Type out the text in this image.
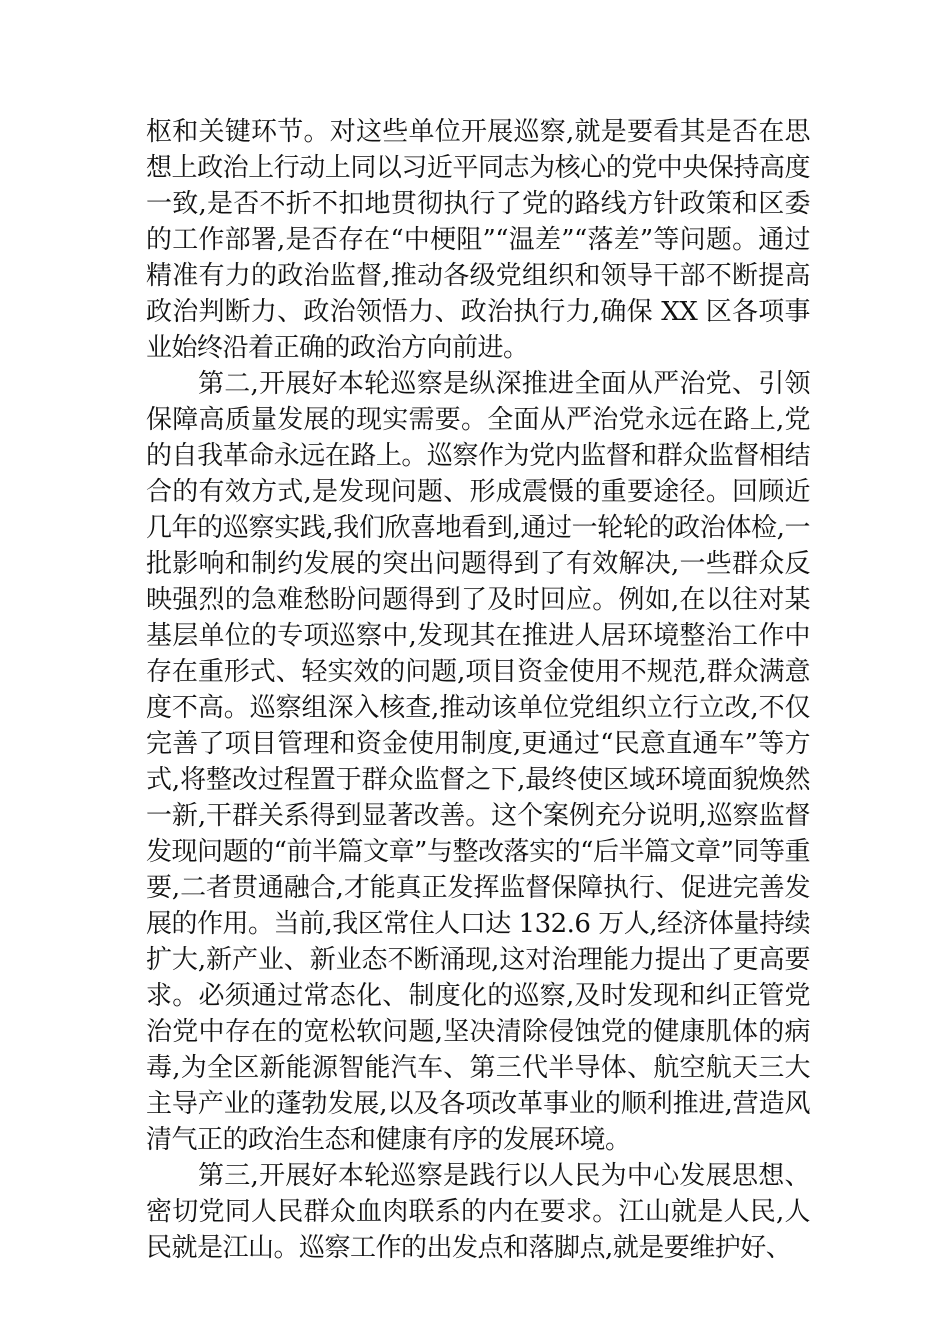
枢和关键环节。对这些单位开展巡察,就是要看其是否在思想上政治上行动上同以习近平同志为核心的党中央保持高度一致,是否不折不扣地贯彻执行了党的路线方针政策和区委的工作部署,是否存在“中梗阻”“温差”“落差”等问题。通过精准有力的政治监督,推动各级党组织和领导干部不断提高政治判断力、政治领悟力、政治执行力,确保 XX 区各项事业始终沿着正确的政治方向前进。

第二,开展好本轮巡察是纵深推进全面从严治党、引领保障高质量发展的现实需要。全面从严治党永远在路上,党的自我革命永远在路上。巡察作为党内监督和群众监督相结合的有效方式,是发现问题、形成震慑的重要途径。回顾近几年的巡察实践,我们欣喜地看到,通过一轮轮的政治体检,一批影响和制约发展的突出问题得到了有效解决,一些群众反映强烈的急难愁盼问题得到了及时回应。例如,在以往对某基层单位的专项巡察中,发现其在推进人居环境整治工作中存在重形式、轻实效的问题,项目资金使用不规范,群众满意度不高。巡察组深入核查,推动该单位党组织立行立改,不仅完善了项目管理和资金使用制度,更通过“民意直通车”等方式,将整改过程置于群众监督之下,最终使区域环境面貌焕然一新,干群关系得到显著改善。这个案例充分说明,巡察监督发现问题的“前半篇文章”与整改落实的“后半篇文章”同等重要,二者贯通融合,才能真正发挥监督保障执行、促进完善发展的作用。当前,我区常住人口达 132.6 万人,经济体量持续扩大,新产业、新业态不断涌现,这对治理能力提出了更高要求。必须通过常态化、制度化的巡察,及时发现和纠正管党治党中存在的宽松软问题,坚决清除侵蚀党的健康肌体的病毒,为全区新能源智能汽车、第三代半导体、航空航天三大主导产业的蓬勃发展,以及各项改革事业的顺利推进,营造风清气正的政治生态和健康有序的发展环境。

第三,开展好本轮巡察是践行以人民为中心发展思想、密切党同人民群众血肉联系的内在要求。江山就是人民,人民就是江山。巡察工作的出发点和落脚点,就是要维护好、
